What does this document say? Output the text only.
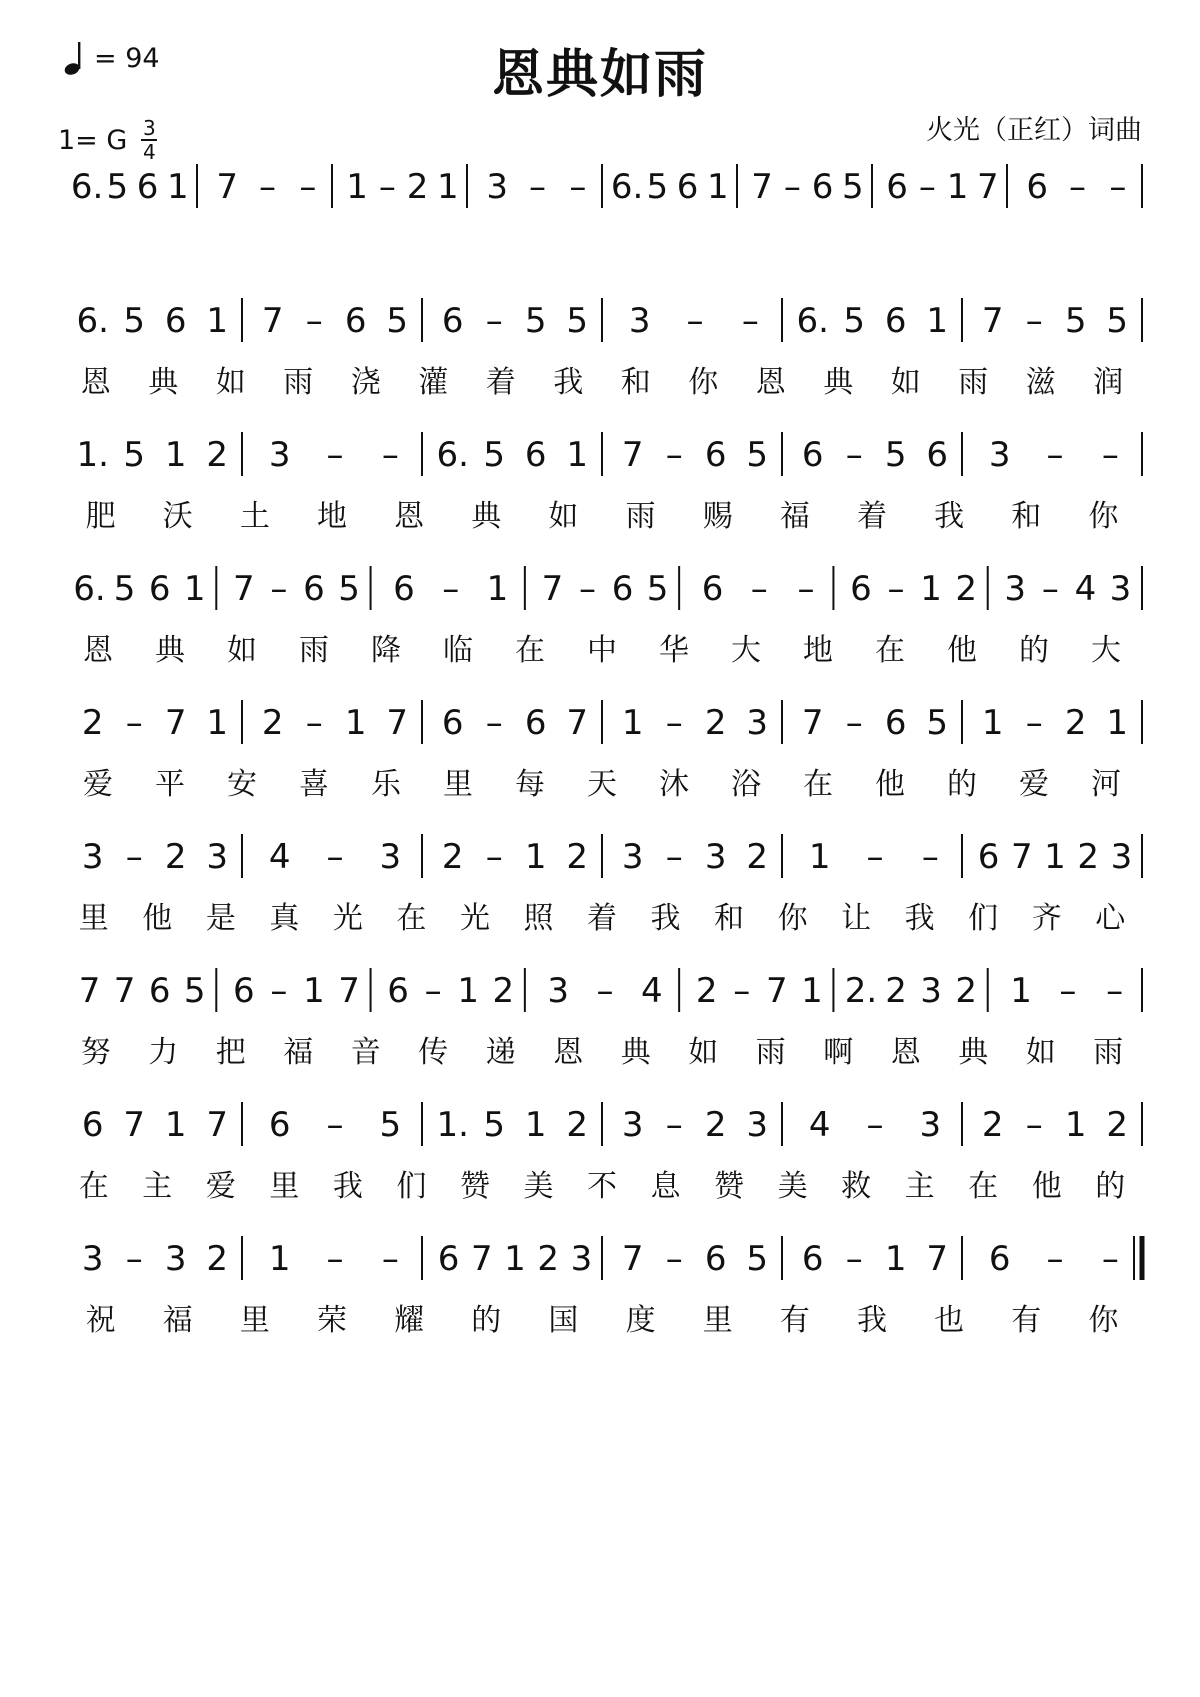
= 94	恩典如雨
1= G $\frac{3}{4}$	火光（正红）词曲
6. 5 6 1 7 – – 1 – 2 1 3 – – 6. 5 6 1 7 – 6 5 6 – 1 7 6 – –
6. 5 6 1 7 – 6 5 6 – 5 5 3 – – 6. 5 6 1 7 – 5 5
恩 典 如 雨 浇 灌 着 我 和 你 恩 典 如 雨 滋 润
1. 5 1 2 3 – – 6. 5 6 1 7 – 6 5 6 – 5 6 3 – –
肥 沃 土 地 恩 典 如 雨 赐 福 着 我 和 你
6. 5 6 1 7 – 6 5 6 – 1 7 – 6 5 6 – – 6 – 1 2 3 – 4 3
恩 典 如 雨 降 临 在 中 华 大 地 在 他 的 大
2 – 7 1 2 – 1 7 6 – 6 7 1 – 2 3 7 – 6 5 1 – 2 1
爱 平 安 喜 乐 里 每 天 沐 浴 在 他 的 爱 河
3 – 2 3 4 – 3 2 – 1 2 3 – 3 2 1 – – 6 7 1 2 3
里 他 是 真 光 在 光 照 着 我 和 你 让 我 们 齐 心
7 7 6 5 6 – 1 7 6 – 1 2 3 – 4 2 – 7 1 2. 2 3 2 1 – –
努 力 把 福 音 传 递 恩 典 如 雨 啊 恩 典 如 雨
6 7 1 7 6 – 5 1. 5 1 2 3 – 2 3 4 – 3 2 – 1 2
在 主 爱 里 我 们 赞 美 不 息 赞 美 救 主 在 他 的
3 – 3 2 1 – – 6 7 1 2 3 7 – 6 5 6 – 1 7 6 – –
祝 福 里 荣 耀 的 国 度 里 有 我 也 有 你
